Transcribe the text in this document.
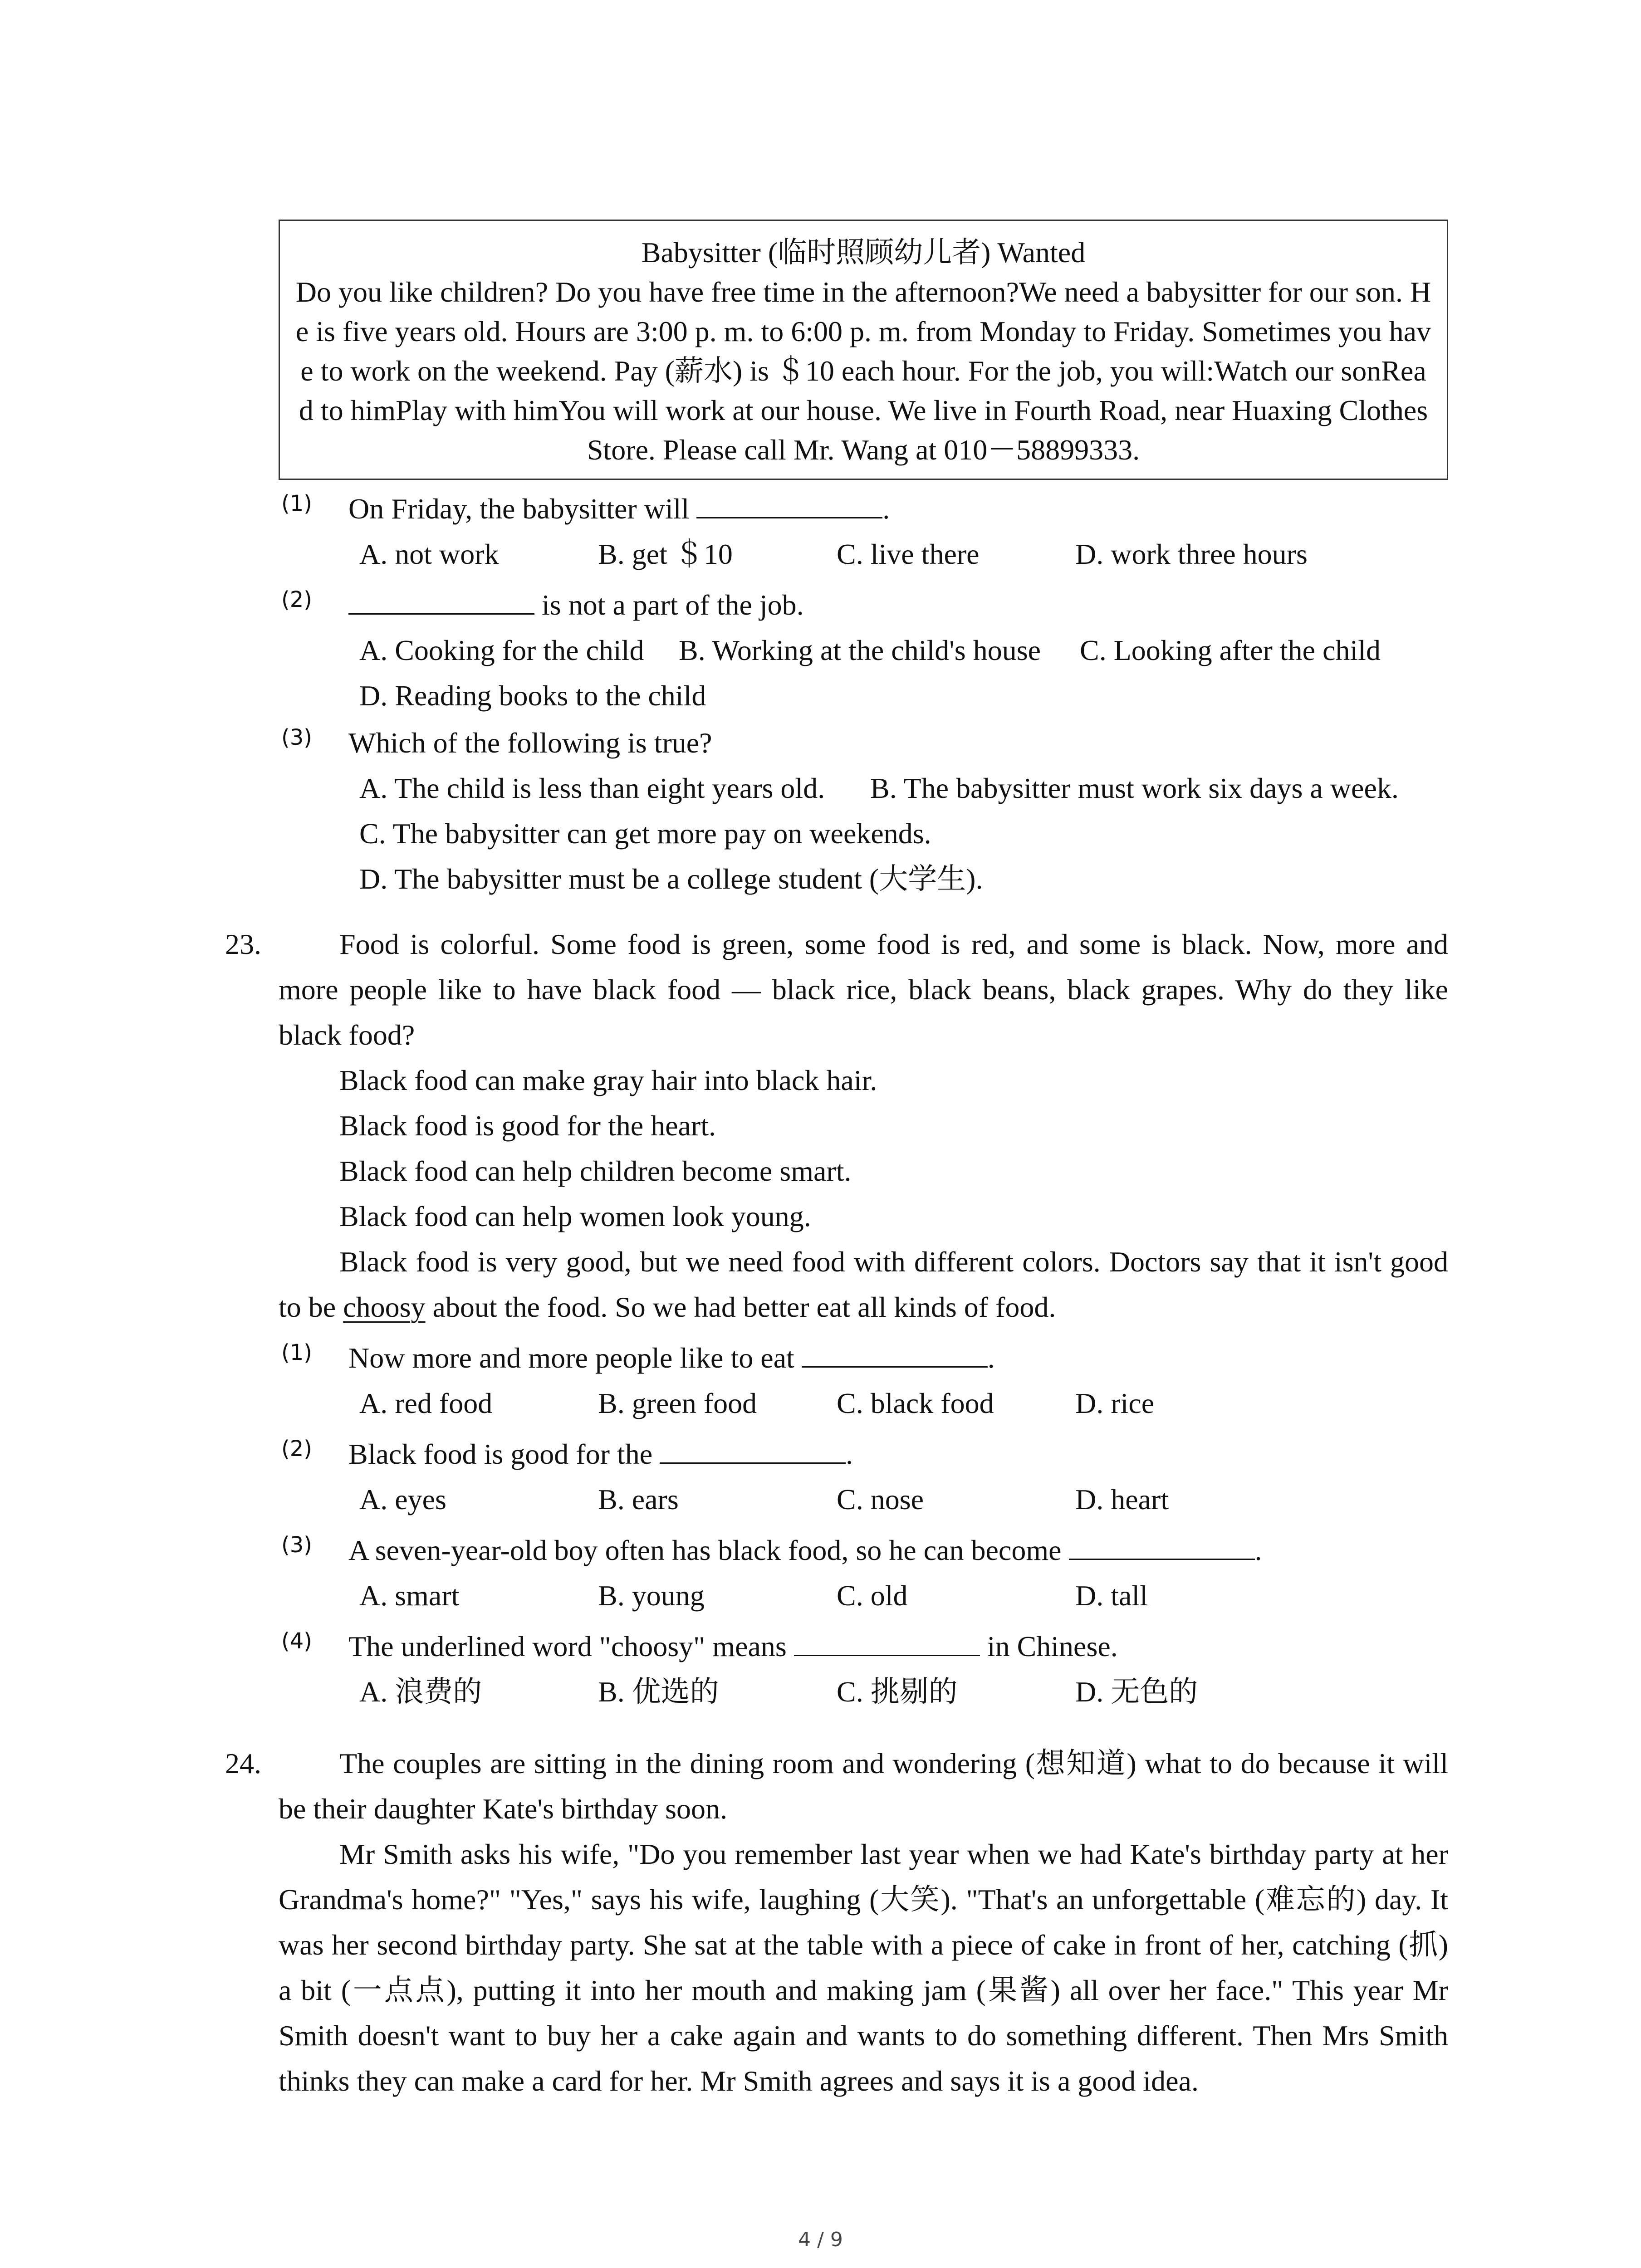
Babysitter (临时照顾幼儿者) Wanted
Do you like children? Do you have free time in the afternoon?We need a babysitter for our son. He is five years old. Hours are 3:00 p. m. to 6:00 p. m. from Monday to Friday. Sometimes you have to work on the weekend. Pay (薪水) is ＄10 each hour. For the job, you will:Watch our sonRead to himPlay with himYou will work at our house. We live in Fourth Road, near Huaxing Clothes Store. Please call Mr. Wang at 010－58899333.
(1) On Friday, the babysitter will	.
A. not work	B. get ＄10	C. live there	D. work three hours
(2)	is not a part of the job.
A. Cooking for the child B. Working at the child's house C. Looking after the child
D. Reading books to the child
(3) Which of the following is true?
A. The child is less than eight years old. B. The babysitter must work six days a week.
C. The babysitter can get more pay on weekends.
D. The babysitter must be a college student (大学生).
23.	Food is colorful. Some food is green, some food is red, and some is black. Now, more and more people like to have black food — black rice, black beans, black grapes. Why do they like black food?
Black food can make gray hair into black hair.
Black food is good for the heart.
Black food can help children become smart.
Black food can help women look young.
Black food is very good, but we need food with different colors. Doctors say that it isn't good to be choosy about the food. So we had better eat all kinds of food.
(1) Now more and more people like to eat	.
A. red food	B. green food	C. black food	D. rice
(2) Black food is good for the	.
A. eyes	B. ears	C. nose	D. heart
(3) A seven-year-old boy often has black food, so he can become	.
A. smart	B. young	C. old	D. tall
(4) The underlined word "choosy" means	in Chinese.
A. 浪费的	B. 优选的	C. 挑剔的	D. 无色的
24.	The couples are sitting in the dining room and wondering (想知道) what to do because it will be their daughter Kate's birthday soon.
Mr Smith asks his wife, "Do you remember last year when we had Kate's birthday party at her Grandma's home?" "Yes," says his wife, laughing (大笑). "That's an unforgettable (难忘的) day. It was her second birthday party. She sat at the table with a piece of cake in front of her, catching (抓) a bit (一点点), putting it into her mouth and making jam (果酱) all over her face." This year Mr Smith doesn't want to buy her a cake again and wants to do something different. Then Mrs Smith thinks they can make a card for her. Mr Smith agrees and says it is a good idea.
4 / 9
